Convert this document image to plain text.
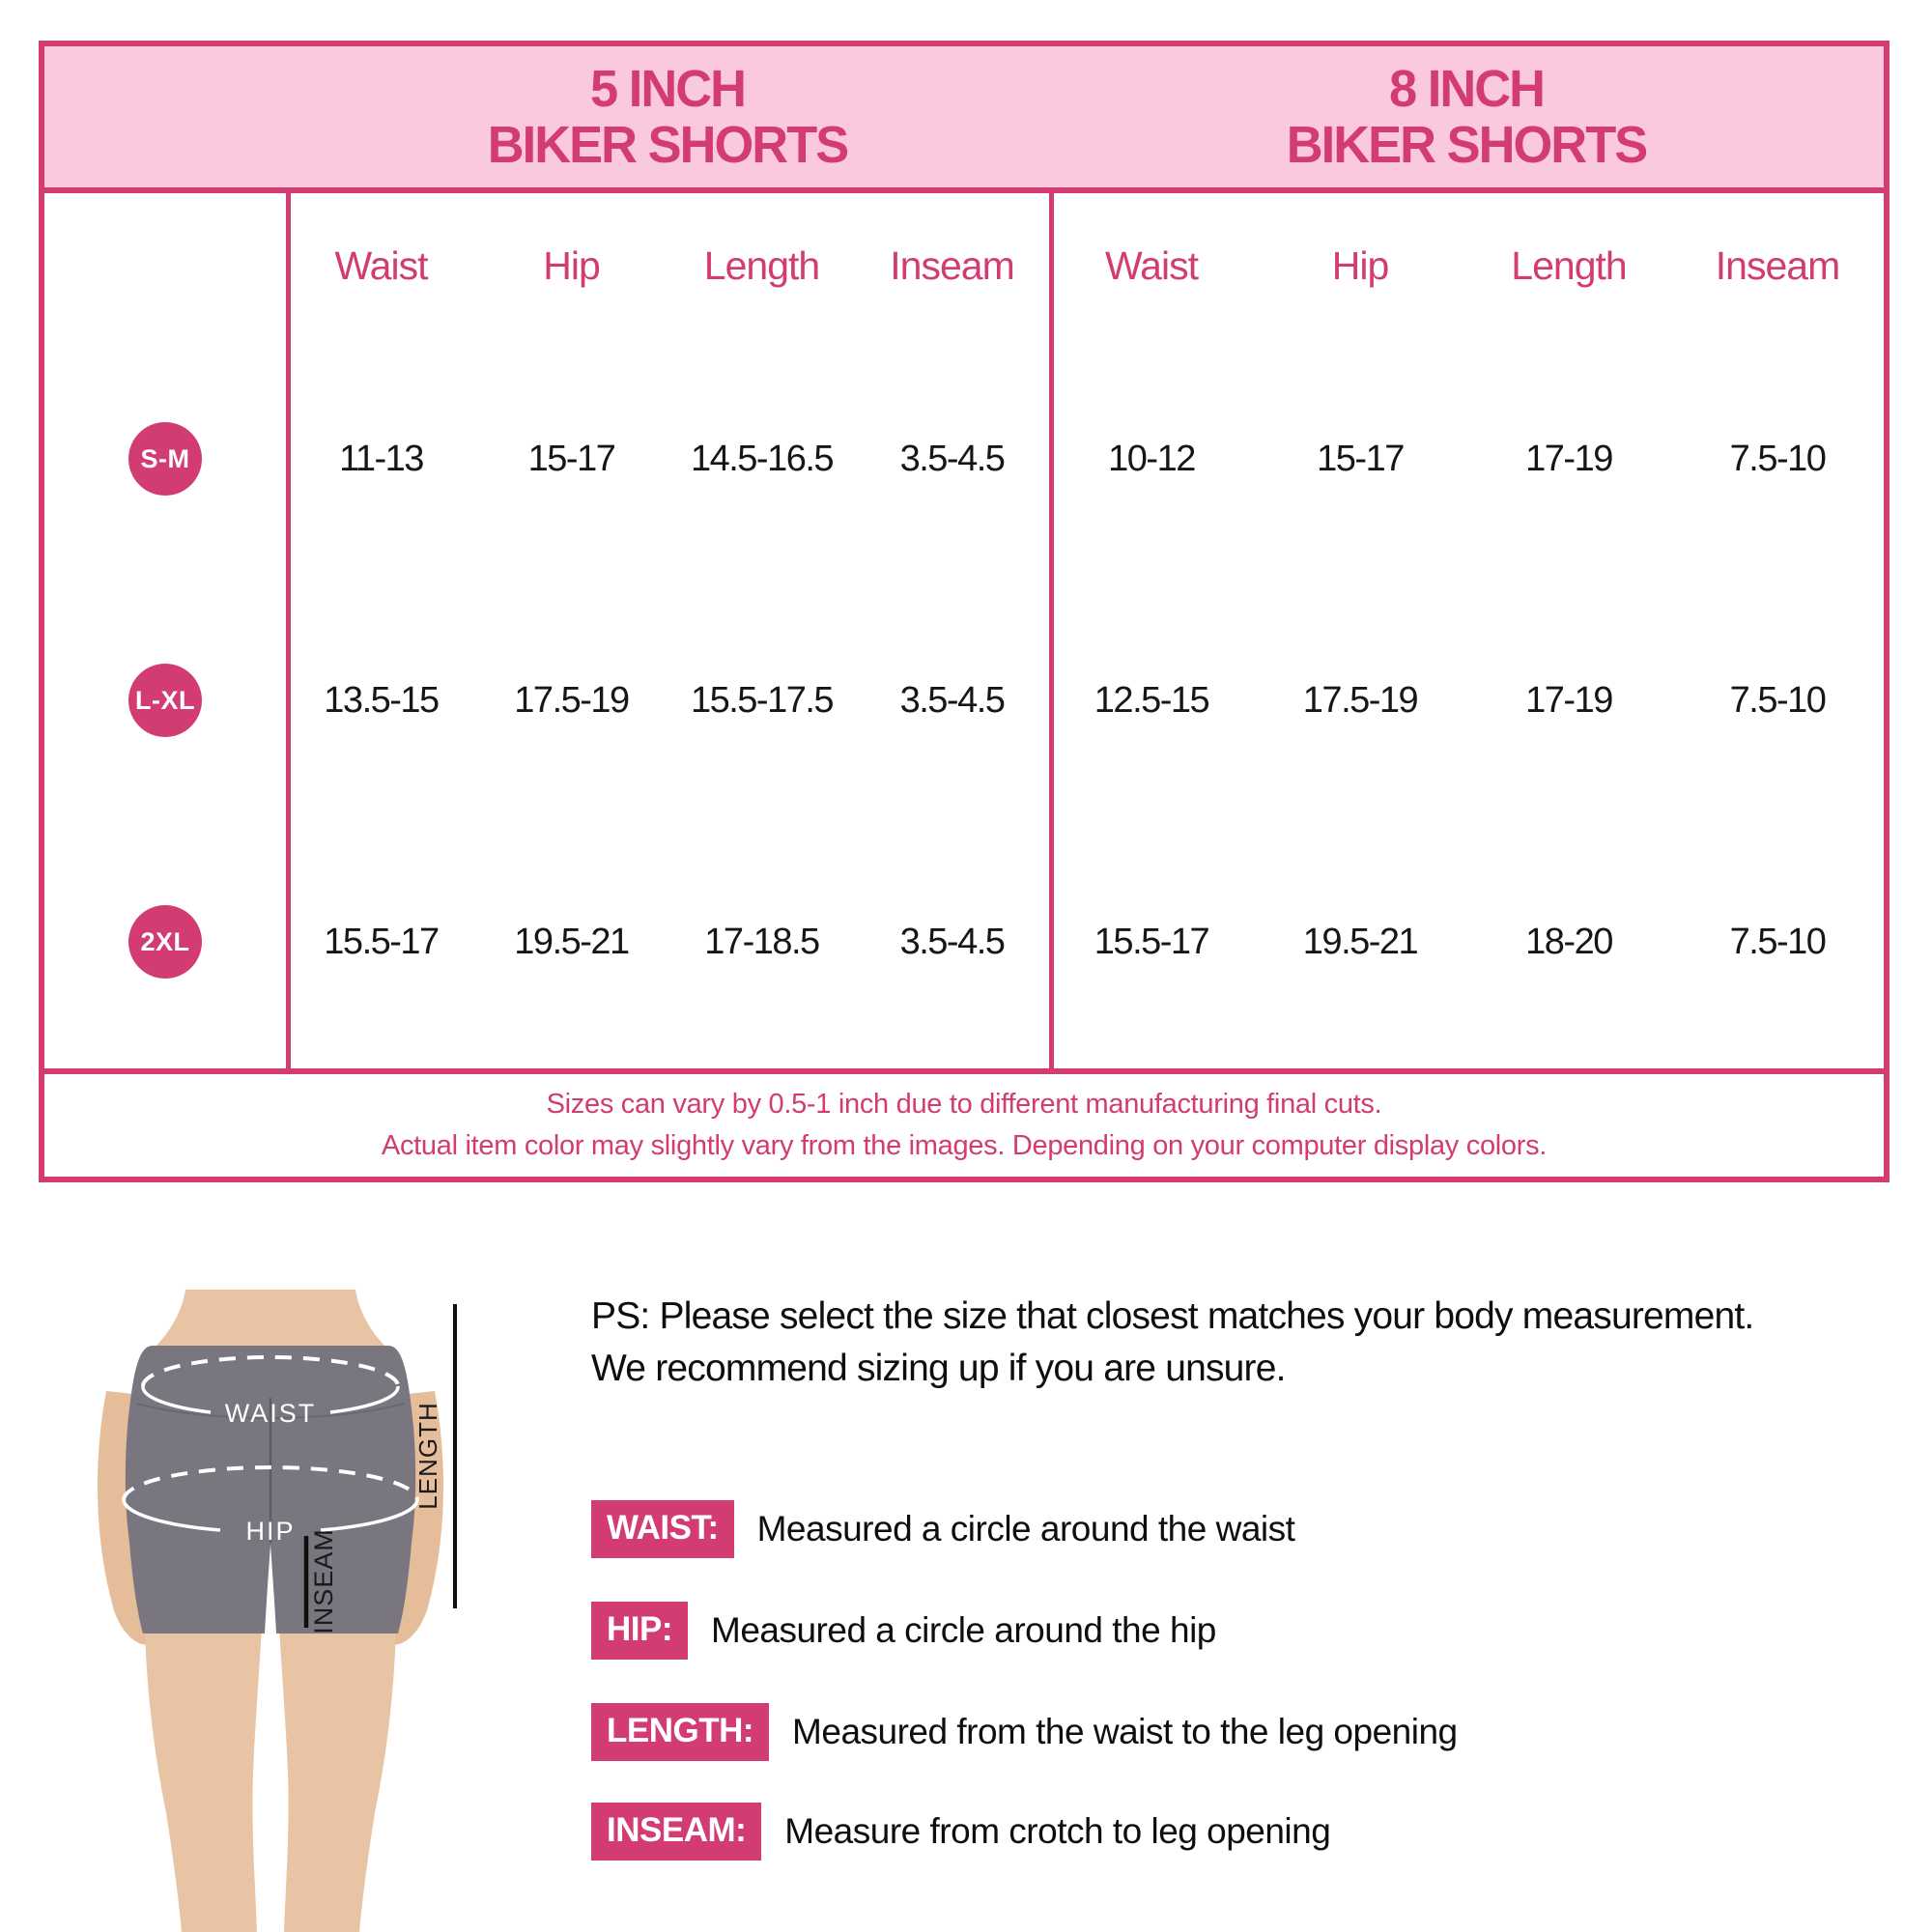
5 INCH
BIKER SHORTS
8 INCH
BIKER SHORTS
Waist	Hip	Length	Inseam	Waist	Hip	Length	Inseam
S-M	11-13	15-17	14.5-16.5	3.5-4.5	10-12	15-17	17-19	7.5-10
L-XL	13.5-15	17.5-19	15.5-17.5	3.5-4.5	12.5-15	17.5-19	17-19	7.5-10
2XL	15.5-17	19.5-21	17-18.5	3.5-4.5	15.5-17	19.5-21	18-20	7.5-10
Sizes can vary by 0.5-1 inch due to different manufacturing final cuts.
Actual item color may slightly vary from the images. Depending on your computer display colors.
WAIST
HIP
LENGTH
INSEAM
PS: Please select the size that closest matches your body measurement.
We recommend sizing up if you are unsure.
WAIST:	Measured a circle around the waist
HIP:	Measured a circle around the hip
LENGTH:	Measured from the waist to the leg opening
INSEAM:	Measure from crotch to leg opening
